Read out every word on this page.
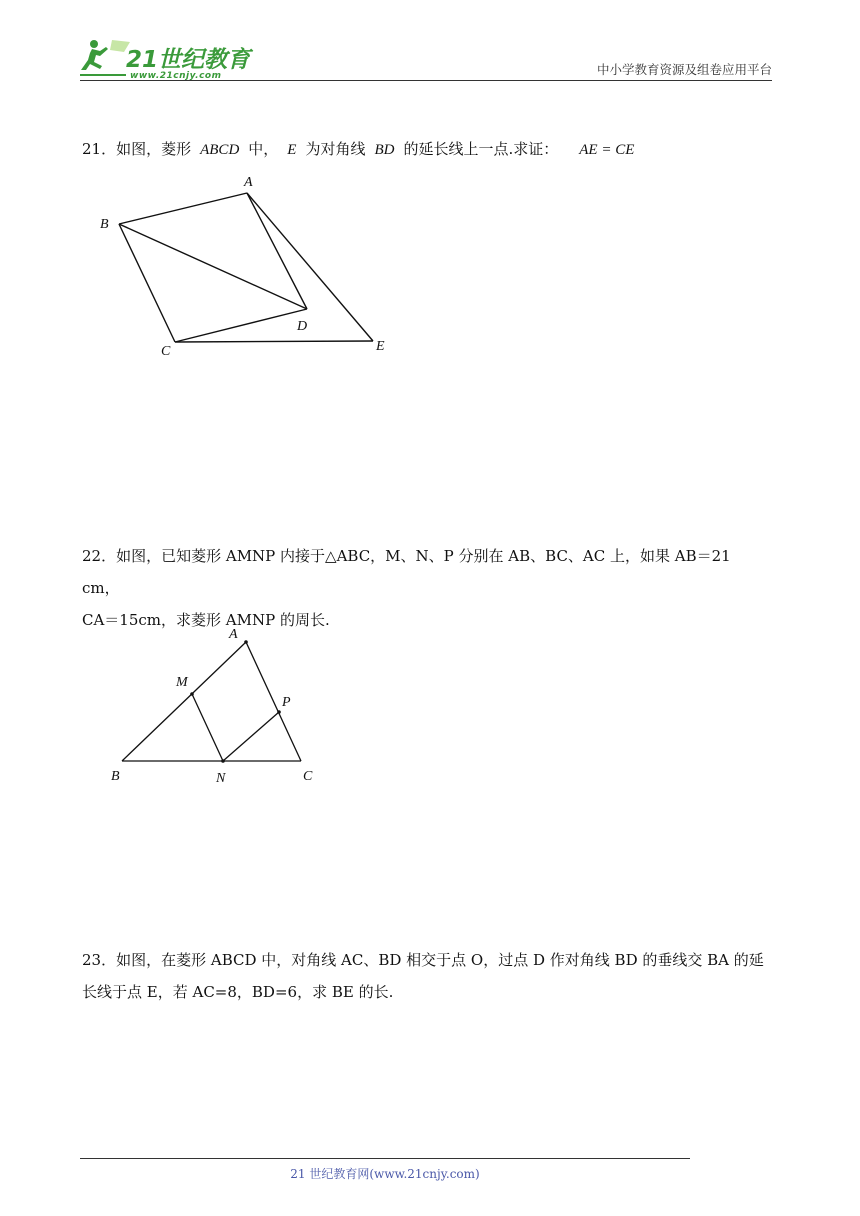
21世纪教育
www.21cnjy.com	中小学教育资源及组卷应用平台
21．如图，菱形 ABCD 中， E 为对角线 BD 的延长线上一点.求证： AE = CE
A
B
C
D
E
22．如图，已知菱形 AMNP 内接于△ABC，M、N、P 分别在 AB、BC、AC 上，如果 AB＝21 cm，
CA＝15cm，求菱形 AMNP 的周长.
A
M
P
B	N	C
23．如图，在菱形 ABCD 中，对角线 AC、BD 相交于点 O，过点 D 作对角线 BD 的垂线交 BA 的延
长线于点 E，若 AC=8，BD=6，求 BE 的长.
21 世纪教育网(www.21cnjy.com)
